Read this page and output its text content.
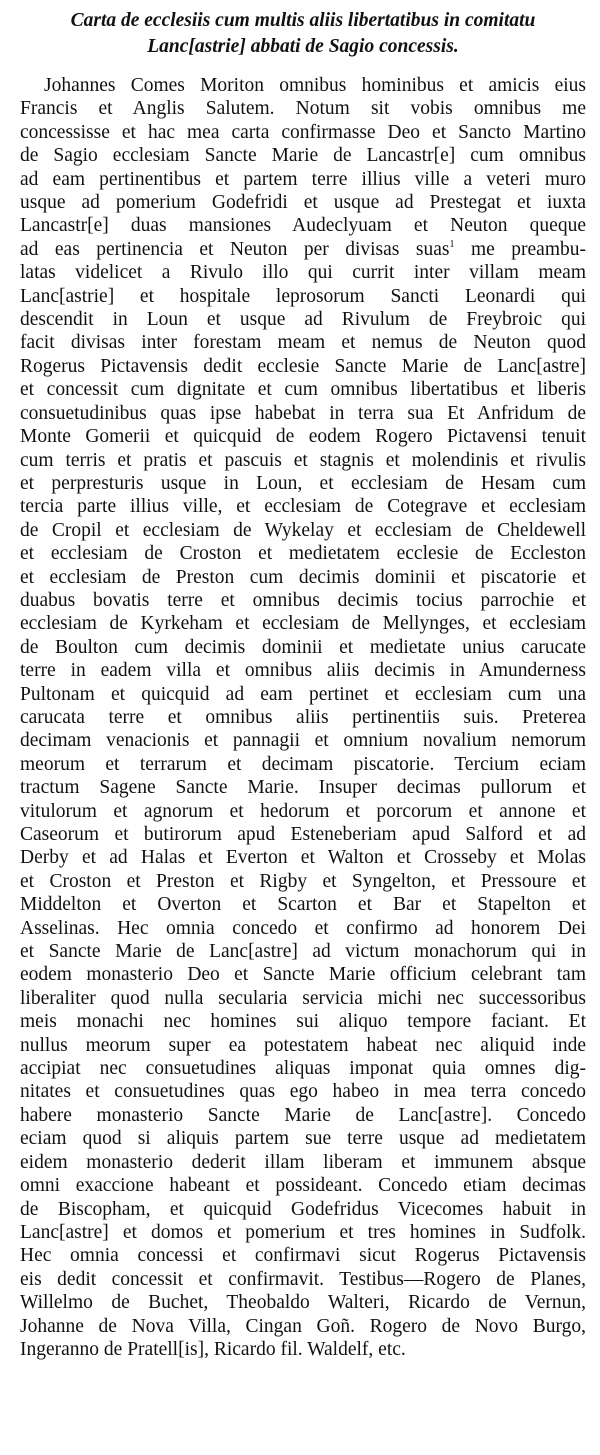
Carta de ecclesiis cum multis aliis libertatibus in comitatu
Lanc[astrie] abbati de Sagio concessis.

Johannes Comes Moriton omnibus hominibus et amicis eius
Francis et Anglis Salutem. Notum sit vobis omnibus me
concessisse et hac mea carta confirmasse Deo et Sancto Martino
de Sagio ecclesiam Sancte Marie de Lancastr[e] cum omnibus
ad eam pertinentibus et partem terre illius ville a veteri muro
usque ad pomerium Godefridi et usque ad Prestegat et iuxta
Lancastr[e] duas mansiones Audeclyuam et Neuton queque
ad eas pertinencia et Neuton per divisas suas$^1$ me preambu-
latas videlicet a Rivulo illo qui currit inter villam meam
Lanc[astrie] et hospitale leprosorum Sancti Leonardi qui
descendit in Loun et usque ad Rivulum de Freybroic qui
facit divisas inter forestam meam et nemus de Neuton quod
Rogerus Pictavensis dedit ecclesie Sancte Marie de Lanc[astre]
et concessit cum dignitate et cum omnibus libertatibus et liberis
consuetudinibus quas ipse habebat in terra sua Et Anfridum de
Monte Gomerii et quicquid de eodem Rogero Pictavensi tenuit
cum terris et pratis et pascuis et stagnis et molendinis et rivulis
et perpresturis usque in Loun, et ecclesiam de Hesam cum
tercia parte illius ville, et ecclesiam de Cotegrave et ecclesiam
de Cropil et ecclesiam de Wykelay et ecclesiam de Cheldewell
et ecclesiam de Croston et medietatem ecclesie de Eccleston
et ecclesiam de Preston cum decimis dominii et piscatorie et
duabus bovatis terre et omnibus decimis tocius parrochie et
ecclesiam de Kyrkeham et ecclesiam de Mellynges, et ecclesiam
de Boulton cum decimis dominii et medietate unius carucate
terre in eadem villa et omnibus aliis decimis in Amunderness
Pultonam et quicquid ad eam pertinet et ecclesiam cum una
carucata terre et omnibus aliis pertinentiis suis. Preterea
decimam venacionis et pannagii et omnium novalium nemorum
meorum et terrarum et decimam piscatorie. Tercium eciam
tractum Sagene Sancte Marie. Insuper decimas pullorum et
vitulorum et agnorum et hedorum et porcorum et annone et
Caseorum et butirorum apud Esteneberiam apud Salford et ad
Derby et ad Halas et Everton et Walton et Crosseby et Molas
et Croston et Preston et Rigby et Syngelton, et Pressoure et
Middelton et Overton et Scarton et Bar et Stapelton et
Asselinas. Hec omnia concedo et confirmo ad honorem Dei
et Sancte Marie de Lanc[astre] ad victum monachorum qui in
eodem monasterio Deo et Sancte Marie officium celebrant tam
liberaliter quod nulla secularia servicia michi nec successoribus
meis monachi nec homines sui aliquo tempore faciant. Et
nullus meorum super ea potestatem habeat nec aliquid inde
accipiat nec consuetudines aliquas imponat quia omnes dig-
nitates et consuetudines quas ego habeo in mea terra concedo
habere monasterio Sancte Marie de Lanc[astre]. Concedo
eciam quod si aliquis partem sue terre usque ad medietatem
eidem monasterio dederit illam liberam et immunem absque
omni exaccione habeant et possideant. Concedo etiam decimas
de Biscopham, et quicquid Godefridus Vicecomes habuit in
Lanc[astre] et domos et pomerium et tres homines in Sudfolk.
Hec omnia concessi et confirmavi sicut Rogerus Pictavensis
eis dedit concessit et confirmavit. Testibus—Rogero de Planes,
Willelmo de Buchet, Theobaldo Walteri, Ricardo de Vernun,
Johanne de Nova Villa, Cingan Goñ. Rogero de Novo Burgo,
Ingeranno de Pratell[is], Ricardo fil. Waldelf, etc.
